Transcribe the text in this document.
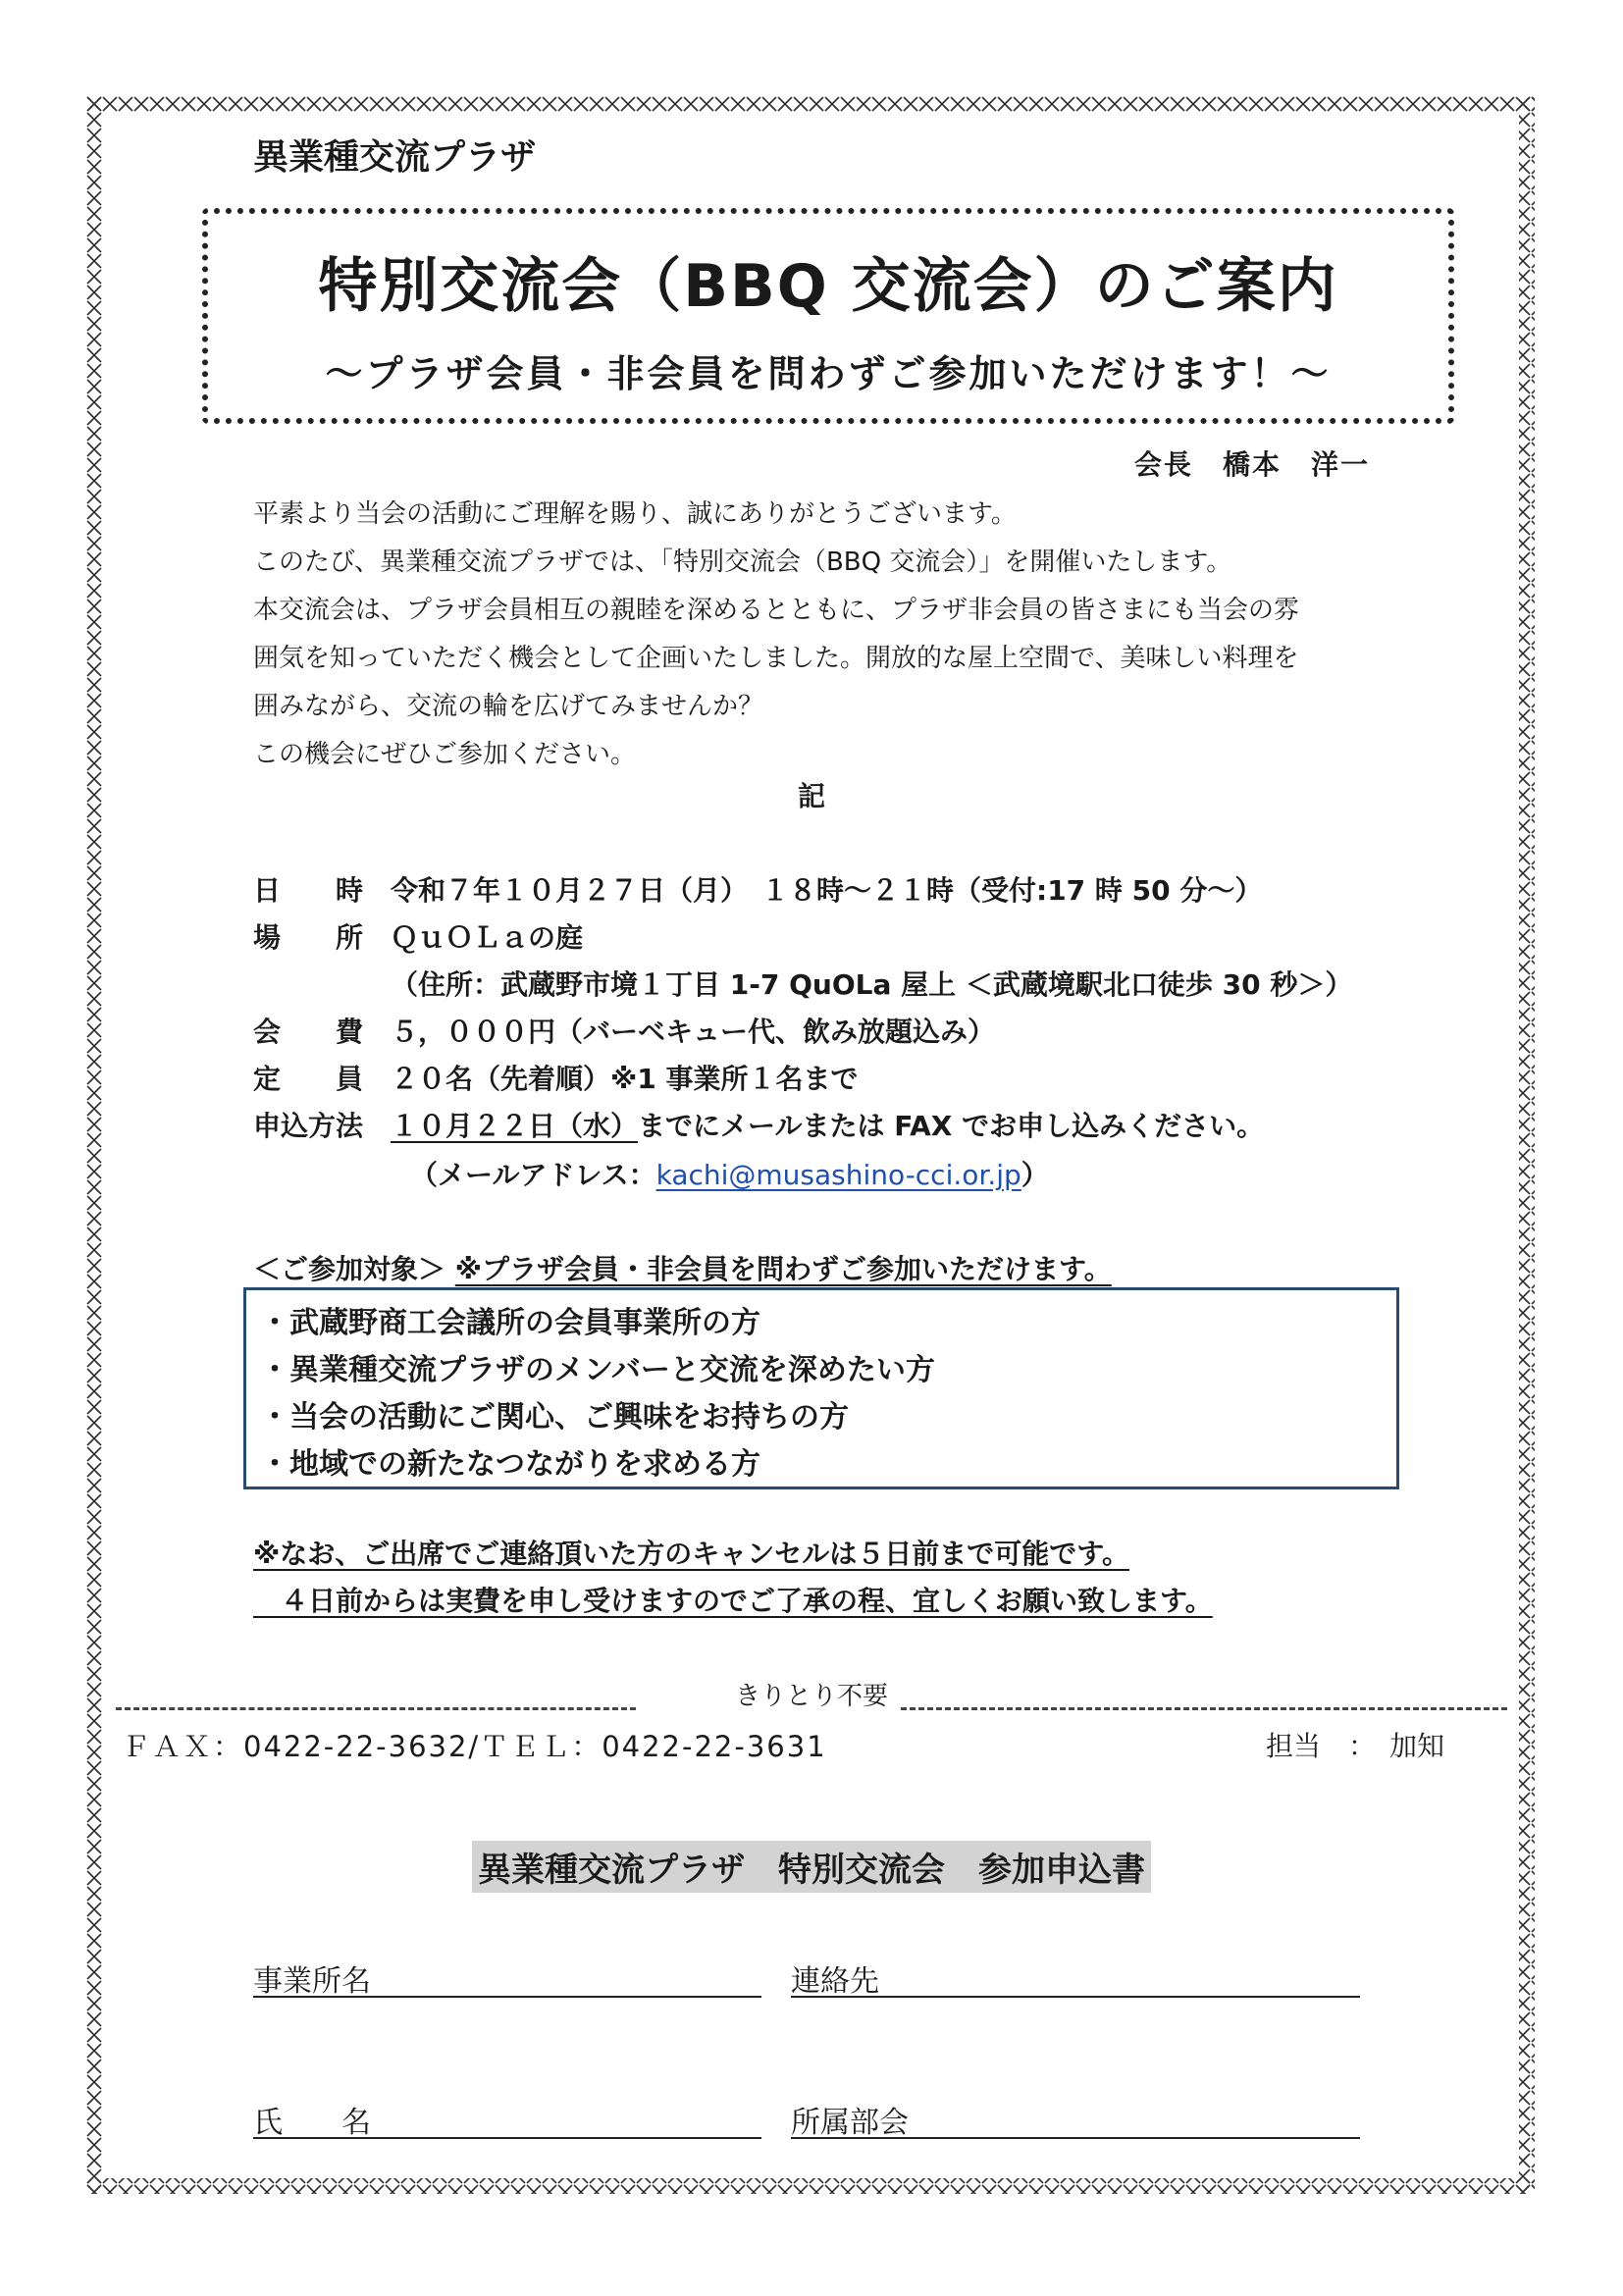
異業種交流プラザ
特別交流会（BBQ 交流会）のご案内
～プラザ会員・非会員を問わずご参加いただけます！～
会長　橋本　洋一

平素より当会の活動にご理解を賜り、誠にありがとうございます。

このたび、異業種交流プラザでは、「特別交流会（BBQ 交流会）」を開催いたします。

本交流会は、プラザ会員相互の親睦を深めるとともに、プラザ非会員の皆さまにも当会の雰

囲気を知っていただく機会として企画いたしました。開放的な屋上空間で、美味しい料理を

囲みながら、交流の輪を広げてみませんか？

この機会にぜひご参加ください。

記
日　　時 令和７年１０月２７日（月）　１８時～２１時（受付:17 時 50 分～）
場　　所 ＱｕＯＬａの庭
（住所：武蔵野市境１丁目 1-7 QuOLa 屋上 ＜武蔵境駅北口徒歩 30 秒＞）
会　　費 ５，０００円（バーベキュー代、飲み放題込み）
定　　員 ２０名（先着順）※1 事業所１名まで
申込方法 １０月２２日（水）までにメールまたは FAX でお申し込みください。
（メールアドレス：kachi@musashino-cci.or.jp）
＜ご参加対象＞ ※プラザ会員・非会員を問わずご参加いただけます。
・武蔵野商工会議所の会員事業所の方
・異業種交流プラザのメンバーと交流を深めたい方
・当会の活動にご関心、ご興味をお持ちの方
・地域での新たなつながりを求める方
※なお、ご出席でご連絡頂いた方のキャンセルは５日前まで可能です。
　４日前からは実費を申し受けますのでご了承の程、宜しくお願い致します。
きりとり不要
ＦＡＸ：0422-22-3632/ＴＥＬ：0422-22-3631	担当　：　加知
異業種交流プラザ　特別交流会　参加申込書
事業所名	連絡先
氏　　名	所属部会
